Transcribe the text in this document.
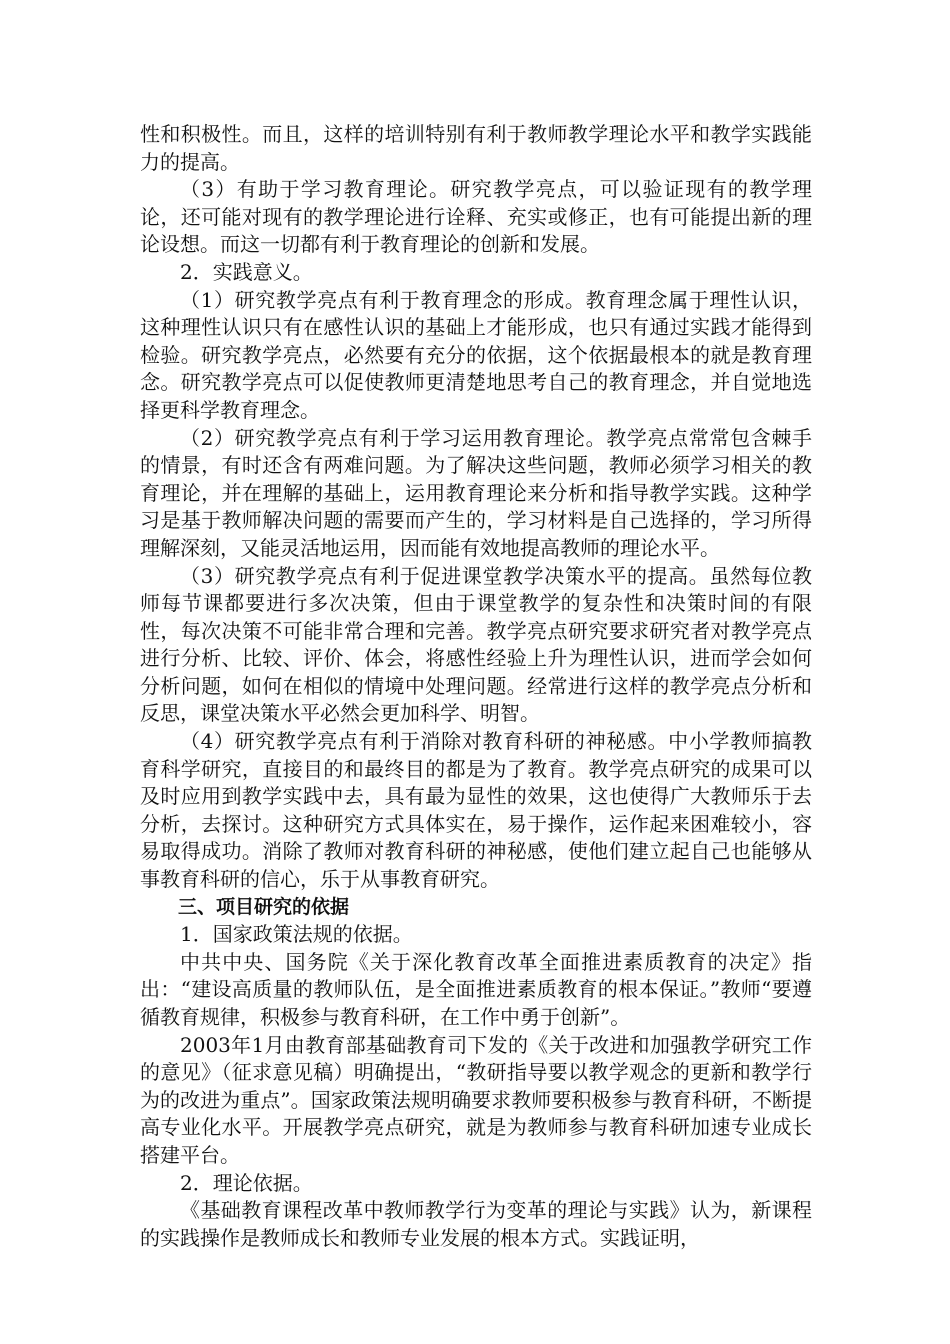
性和积极性。而且，这样的培训特别有利于教师教学理论水平和教学实践能力的提高。

（3）有助于学习教育理论。研究教学亮点，可以验证现有的教学理论，还可能对现有的教学理论进行诠释、充实或修正，也有可能提出新的理论设想。而这一切都有利于教育理论的创新和发展。

2．实践意义。

（1）研究教学亮点有利于教育理念的形成。教育理念属于理性认识，这种理性认识只有在感性认识的基础上才能形成，也只有通过实践才能得到检验。研究教学亮点，必然要有充分的依据，这个依据最根本的就是教育理念。研究教学亮点可以促使教师更清楚地思考自己的教育理念，并自觉地选择更科学教育理念。

（2）研究教学亮点有利于学习运用教育理论。教学亮点常常包含棘手的情景，有时还含有两难问题。为了解决这些问题，教师必须学习相关的教育理论，并在理解的基础上，运用教育理论来分析和指导教学实践。这种学习是基于教师解决问题的需要而产生的，学习材料是自己选择的，学习所得理解深刻，又能灵活地运用，因而能有效地提高教师的理论水平。

（3）研究教学亮点有利于促进课堂教学决策水平的提高。虽然每位教师每节课都要进行多次决策，但由于课堂教学的复杂性和决策时间的有限性，每次决策不可能非常合理和完善。教学亮点研究要求研究者对教学亮点进行分析、比较、评价、体会，将感性经验上升为理性认识，进而学会如何分析问题，如何在相似的情境中处理问题。经常进行这样的教学亮点分析和反思，课堂决策水平必然会更加科学、明智。

（4）研究教学亮点有利于消除对教育科研的神秘感。中小学教师搞教育科学研究，直接目的和最终目的都是为了教育。教学亮点研究的成果可以及时应用到教学实践中去，具有最为显性的效果，这也使得广大教师乐于去分析，去探讨。这种研究方式具体实在，易于操作，运作起来困难较小，容易取得成功。消除了教师对教育科研的神秘感，使他们建立起自己也能够从事教育科研的信心，乐于从事教育研究。

三、项目研究的依据

1．国家政策法规的依据。

中共中央、国务院《关于深化教育改革全面推进素质教育的决定》指出：“建设高质量的教师队伍，是全面推进素质教育的根本保证。”教师“要遵循教育规律，积极参与教育科研，在工作中勇于创新”。

2003年1月由教育部基础教育司下发的《关于改进和加强教学研究工作的意见》（征求意见稿）明确提出，“教研指导要以教学观念的更新和教学行为的改进为重点”。国家政策法规明确要求教师要积极参与教育科研，不断提高专业化水平。开展教学亮点研究，就是为教师参与教育科研加速专业成长搭建平台。

2．理论依据。

《基础教育课程改革中教师教学行为变革的理论与实践》认为，新课程的实践操作是教师成长和教师专业发展的根本方式。实践证明，
